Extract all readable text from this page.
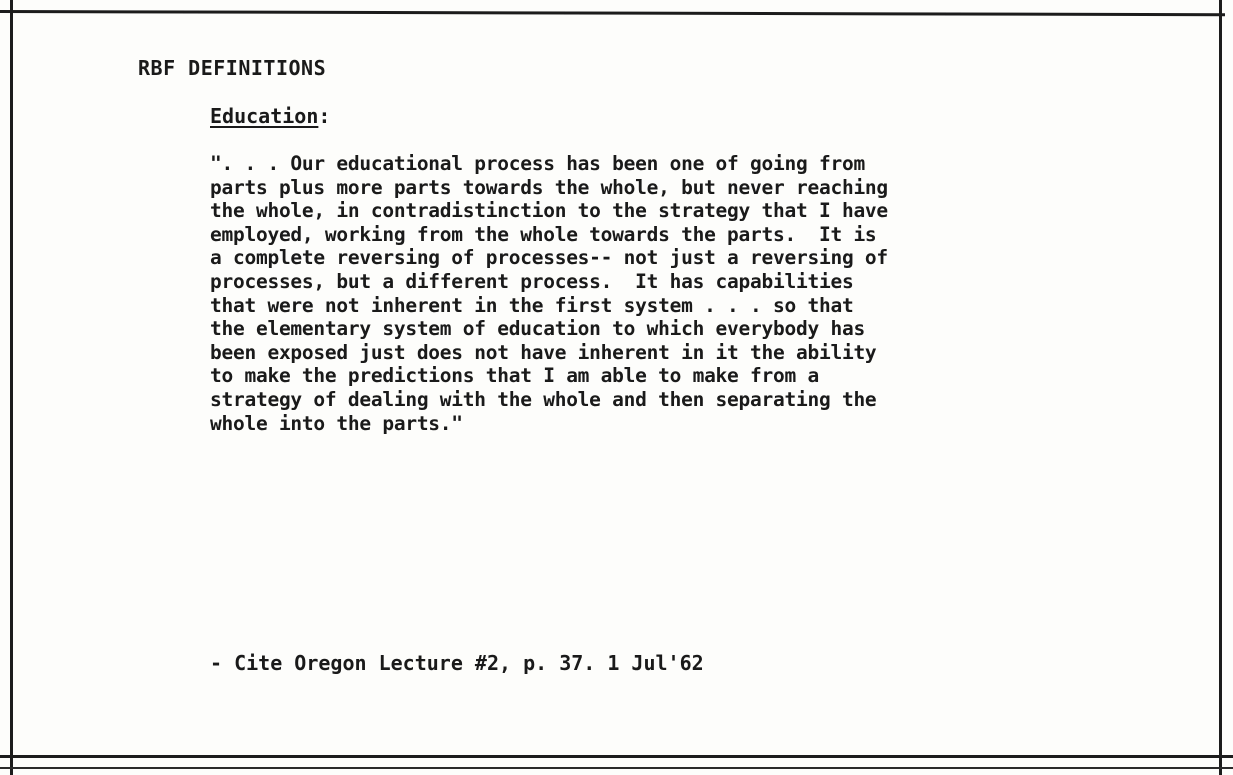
RBF DEFINITIONS
Education:
". . . Our educational process has been one of going from
parts plus more parts towards the whole, but never reaching
the whole, in contradistinction to the strategy that I have
employed, working from the whole towards the parts.  It is
a complete reversing of processes-- not just a reversing of
processes, but a different process.  It has capabilities
that were not inherent in the first system . . . so that
the elementary system of education to which everybody has
been exposed just does not have inherent in it the ability
to make the predictions that I am able to make from a
strategy of dealing with the whole and then separating the
whole into the parts."
- Cite Oregon Lecture #2, p. 37. 1 Jul'62
